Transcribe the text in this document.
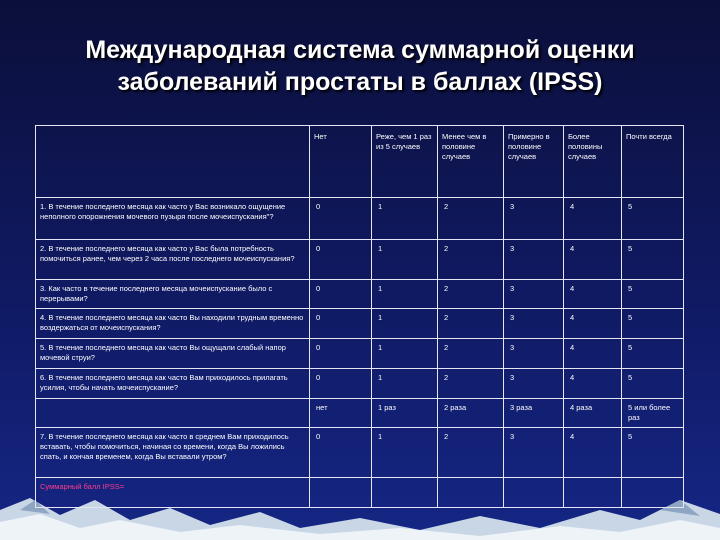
Международная система суммарной оценки
заболеваний простаты в баллах (IPSS)
	Нет	Реже, чем 1 раз из 5 случаев	Менее чем в половине случаев	Примерно в половине случаев	Более половины случаев	Почти всегда
1. В течение последнего месяца как часто у Вас возникало ощущение неполного опорожнения мочевого пузыря после мочеиспускания"?	0	1	2	3	4	5
2. В течение последнего месяца как часто у Вас была потребность помочиться ранее, чем через 2 часа после последнего мочеиспускания?	0	1	2	3	4	5
3. Как часто в течение последнего месяца мочеиспускание было с перерывами?	0	1	2	3	4	5
4. В течение последнего месяца как часто Вы находили трудным временно воздержаться от мочеиспускания?	0	1	2	3	4	5
5. В течение последнего месяца как часто Вы ощущали слабый напор мочевой струи?	0	1	2	3	4	5
6. В течение последнего месяца как часто Вам приходилось прилагать усилия, чтобы начать мочеиспускание?	0	1	2	3	4	5
	нет	1 раз	2 раза	3 раза	4 раза	5 или более раз
7. В течение последнего месяца как часто в среднем Вам приходилось вставать, чтобы помочиться, начиная со времени, когда Вы ложились спать, и кончая временем, когда Вы вставали утром?	0	1	2	3	4	5
Суммарный балл IPSS=						
